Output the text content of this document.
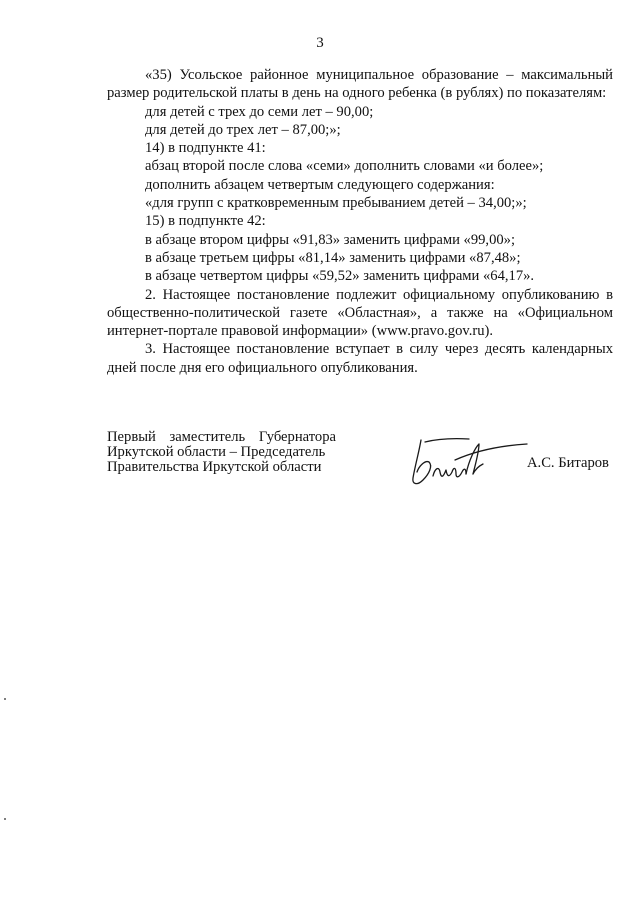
3

«35) Усольское районное муниципальное образование – максимальный размер родительской платы в день на одного ребенка (в рублях) по показателям:

для детей с трех до семи лет – 90,00;

для детей до трех лет – 87,00;»;

14) в подпункте 41:

абзац второй после слова «семи» дополнить словами «и более»;

дополнить абзацем четвертым следующего содержания:

«для групп с кратковременным пребыванием детей – 34,00;»;

15) в подпункте 42:

в абзаце втором цифры «91,83» заменить цифрами «99,00»;

в абзаце третьем цифры «81,14» заменить цифрами «87,48»;

в абзаце четвертом цифры «59,52» заменить цифрами «64,17».

2. Настоящее постановление подлежит официальному опубликованию в общественно-политической газете «Областная», а также на «Официальном интернет-портале правовой информации» (www.pravo.gov.ru).

3. Настоящее постановление вступает в силу через десять календарных дней после дня его официального опубликования.

Первый заместитель Губернатора
Иркутской области – Председатель
Правительства Иркутской области	А.С. Битаров
